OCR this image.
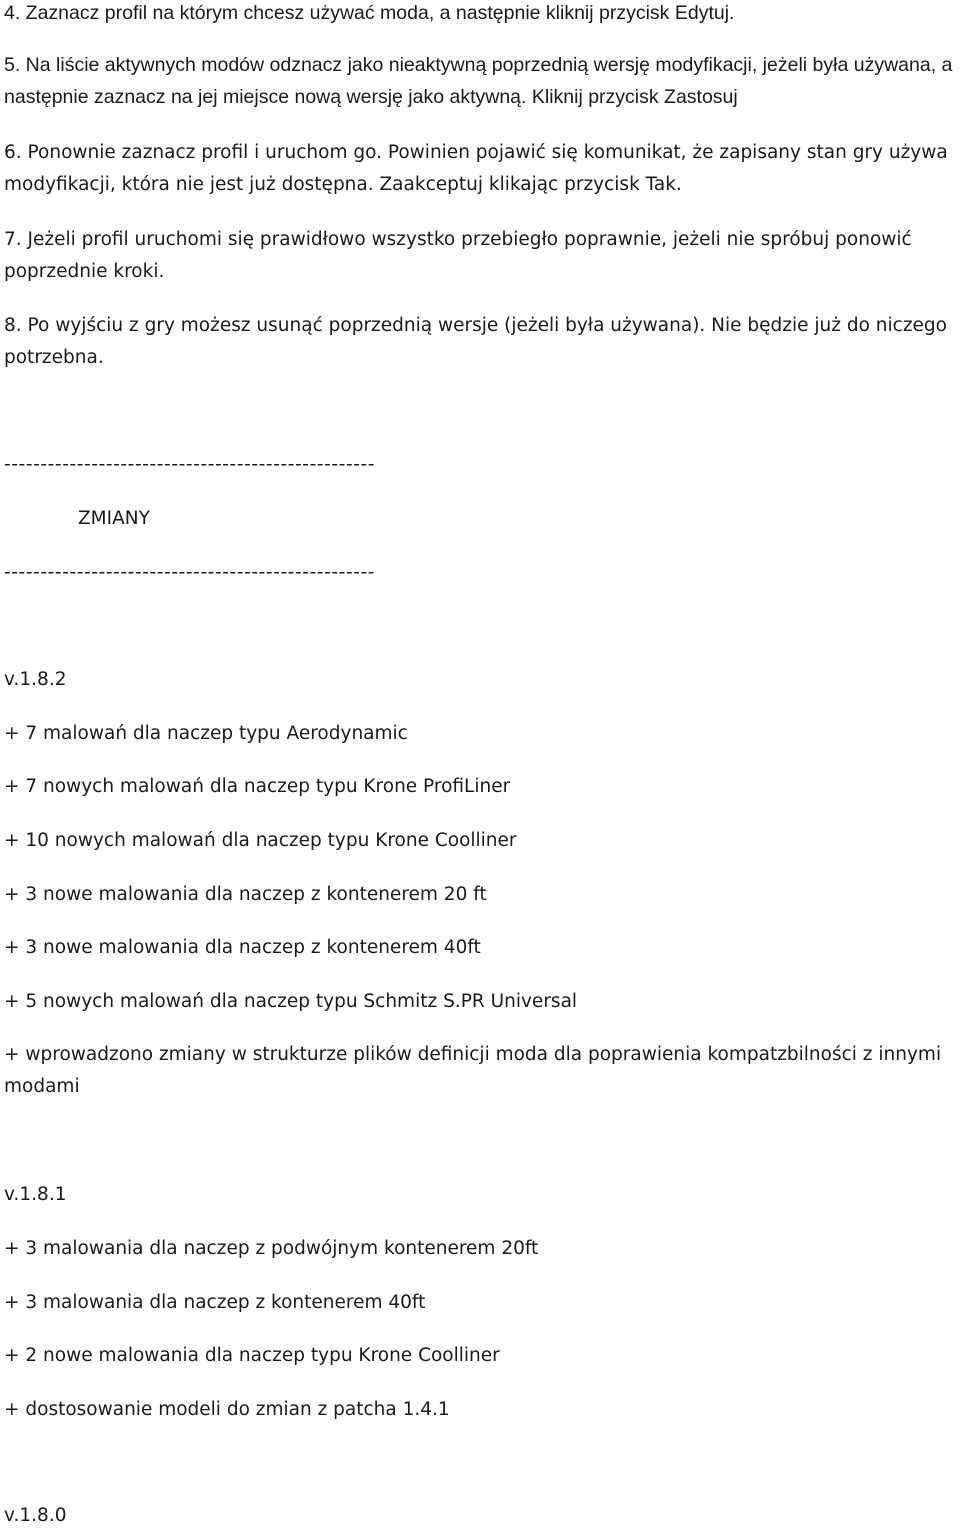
4. Zaznacz profil na którym chcesz używać moda, a następnie kliknij przycisk Edytuj.

5. Na liście aktywnych modów odznacz jako nieaktywną poprzednią wersję modyfikacji, jeżeli była używana, a następnie zaznacz na jej miejsce nową wersję jako aktywną. Kliknij przycisk Zastosuj

6. Ponownie zaznacz profil i uruchom go. Powinien pojawić się komunikat, że zapisany stan gry używa modyfikacji, która nie jest już dostępna. Zaakceptuj klikając przycisk Tak.

7. Jeżeli profil uruchomi się prawidłowo wszystko przebiegło poprawnie, jeżeli nie spróbuj ponowić poprzednie kroki.

8. Po wyjściu z gry możesz usunąć poprzednią wersje (jeżeli była używana). Nie będzie już do niczego potrzebna.

---------------------------------------------------

ZMIANY

---------------------------------------------------

v.1.8.2

+ 7 malowań dla naczep typu Aerodynamic

+ 7 nowych malowań dla naczep typu Krone ProfiLiner

+ 10 nowych malowań dla naczep typu Krone Coolliner

+ 3 nowe malowania dla naczep z kontenerem 20 ft

+ 3 nowe malowania dla naczep z kontenerem 40ft

+ 5 nowych malowań dla naczep typu Schmitz S.PR Universal

+ wprowadzono zmiany w strukturze plików definicji moda dla poprawienia kompatzbilności z innymi modami

v.1.8.1

+ 3 malowania dla naczep z podwójnym kontenerem 20ft

+ 3 malowania dla naczep z kontenerem 40ft

+ 2 nowe malowania dla naczep typu Krone Coolliner

+ dostosowanie modeli do zmian z patcha 1.4.1

v.1.8.0
